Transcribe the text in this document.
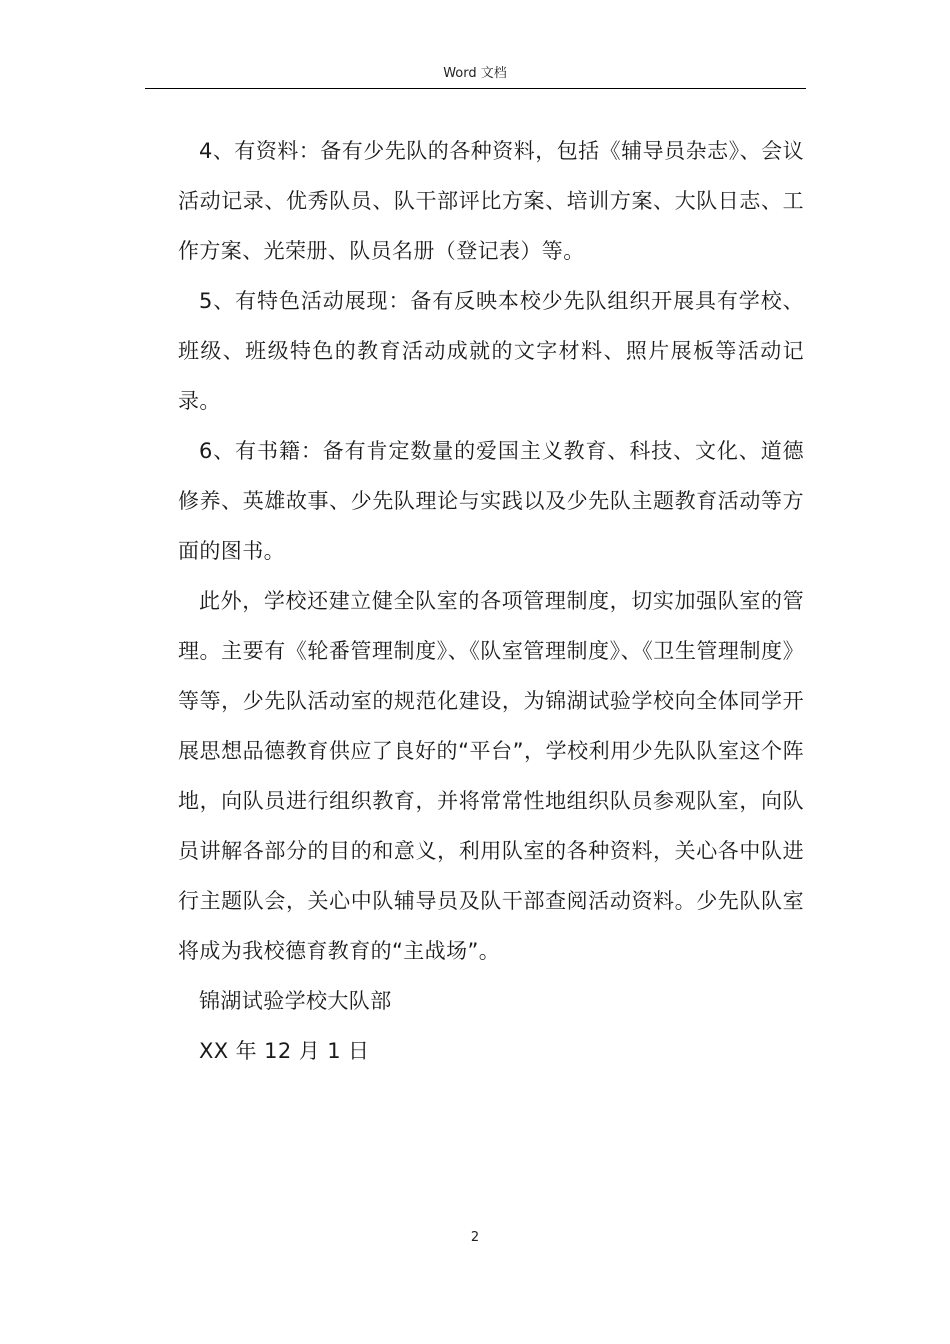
Word 文档

4、有资料：备有少先队的各种资料，包括《辅导员杂志》、会议活动记录、优秀队员、队干部评比方案、培训方案、大队日志、工作方案、光荣册、队员名册（登记表）等。

5、有特色活动展现：备有反映本校少先队组织开展具有学校、班级、班级特色的教育活动成就的文字材料、照片展板等活动记录。

6、有书籍：备有肯定数量的爱国主义教育、科技、文化、道德修养、英雄故事、少先队理论与实践以及少先队主题教育活动等方面的图书。

此外，学校还建立健全队室的各项管理制度，切实加强队室的管理。主要有《轮番管理制度》、《队室管理制度》、《卫生管理制度》等等，少先队活动室的规范化建设，为锦湖试验学校向全体同学开展思想品德教育供应了良好的“平台”，学校利用少先队队室这个阵地，向队员进行组织教育，并将常常性地组织队员参观队室，向队员讲解各部分的目的和意义，利用队室的各种资料，关心各中队进行主题队会，关心中队辅导员及队干部查阅活动资料。少先队队室将成为我校德育教育的“主战场”。

锦湖试验学校大队部

XX 年 12 月 1 日

2
